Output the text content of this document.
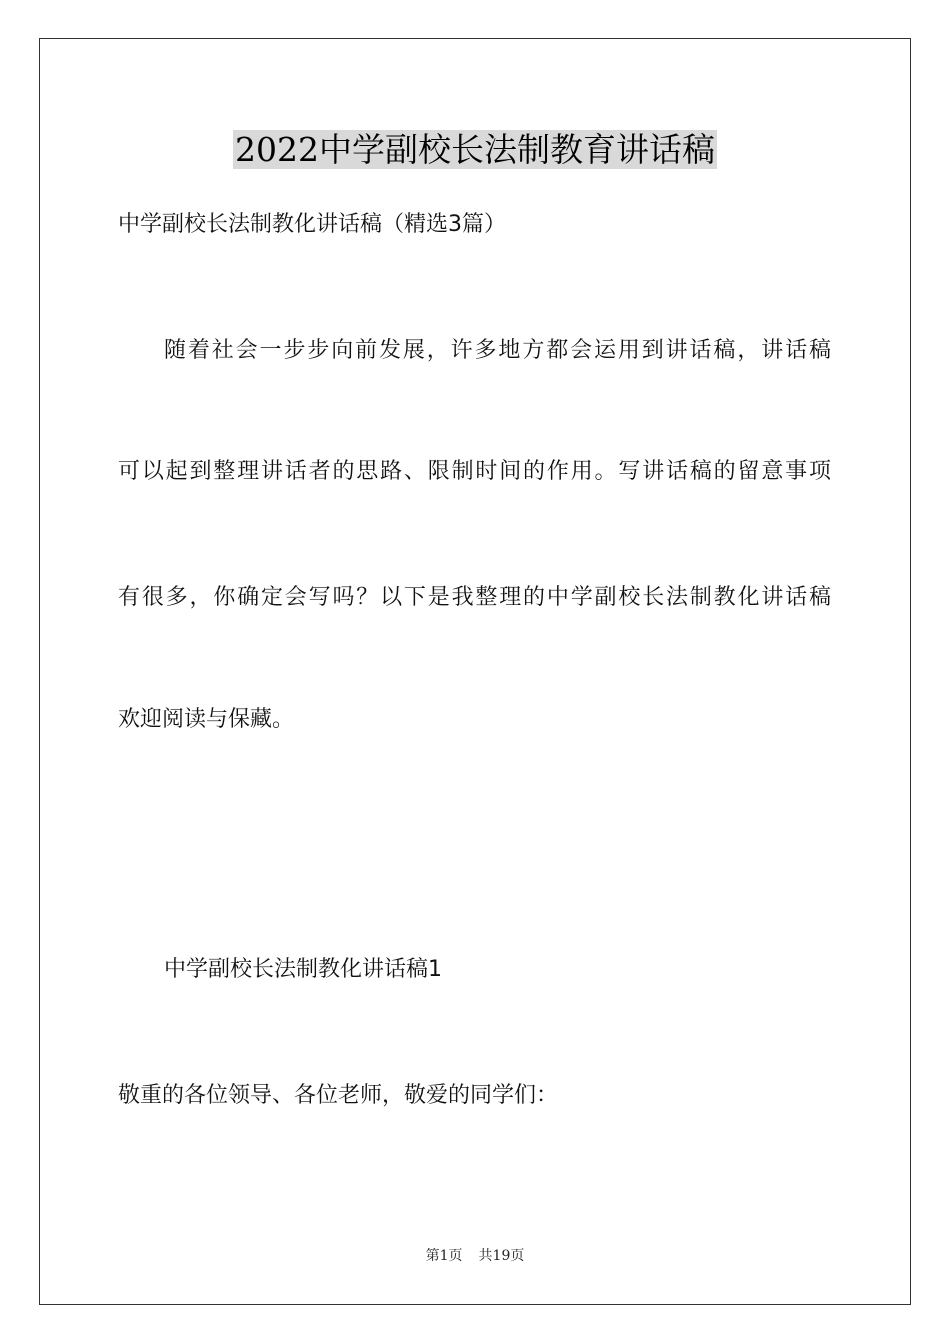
2022中学副校长法制教育讲话稿
中学副校长法制教化讲话稿（精选3篇）
随着社会一步步向前发展，许多地方都会运用到讲话稿，讲话稿
可以起到整理讲话者的思路、限制时间的作用。写讲话稿的留意事项
有很多，你确定会写吗？以下是我整理的中学副校长法制教化讲话稿
欢迎阅读与保藏。
中学副校长法制教化讲话稿1
敬重的各位领导、各位老师，敬爱的同学们：
第1页 共19页
